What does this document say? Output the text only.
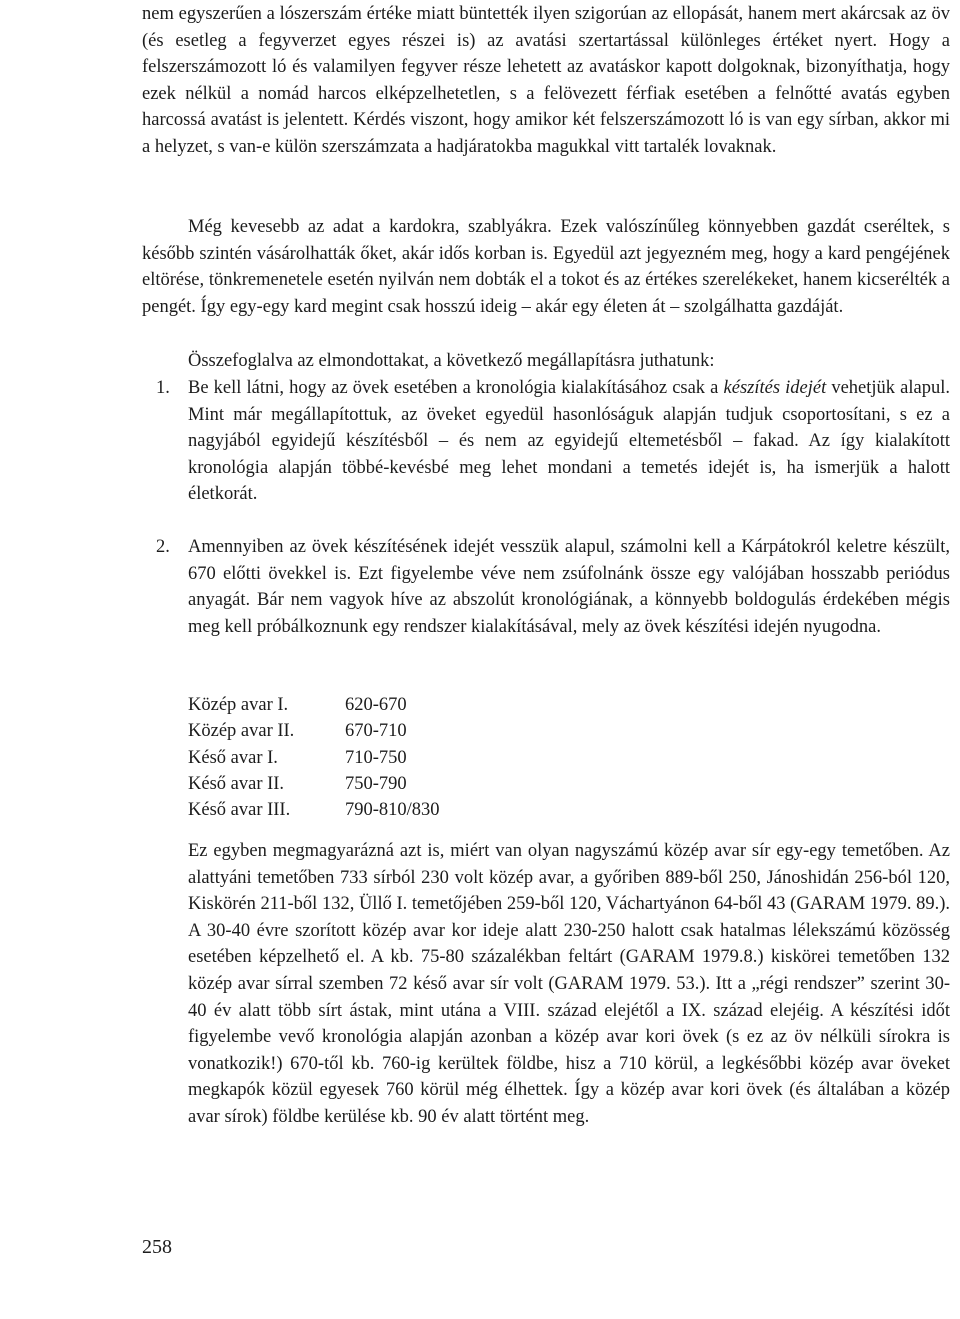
nem egyszerűen a lószerszám értéke miatt büntették ilyen szigorúan az ellopását, hanem mert akárcsak az öv (és esetleg a fegyverzet egyes részei is) az avatási szertartással különleges értéket nyert. Hogy a felszerszámozott ló és valamilyen fegyver része lehetett az avatáskor kapott dolgoknak, bizonyíthatja, hogy ezek nélkül a nomád harcos elképzelhetetlen, s a felövezett férfiak esetében a felnőtté avatás egyben harcossá avatást is jelentett. Kérdés viszont, hogy amikor két felszerszámozott ló is van egy sírban, akkor mi a helyzet, s van-e külön szerszámzata a hadjáratokba magukkal vitt tartalék lovaknak.

Még kevesebb az adat a kardokra, szablyákra. Ezek valószínűleg könnyebben gazdát cseréltek, s később szintén vásárolhatták őket, akár idős korban is. Egyedül azt jegyezném meg, hogy a kard pengéjének eltörése, tönkremenetele esetén nyilván nem dobták el a tokot és az értékes szerelékeket, hanem kicserélték a pengét. Így egy-egy kard megint csak hosszú ideig – akár egy életen át – szolgálhatta gazdáját.

Összefoglalva az elmondottakat, a következő megállapításra juthatunk:

1. Be kell látni, hogy az övek esetében a kronológia kialakításához csak a készítés idejét vehetjük alapul. Mint már megállapítottuk, az öveket egyedül hasonlóságuk alapján tudjuk csoportosítani, s ez a nagyjából egyidejű készítésből – és nem az egyidejű eltemetésből – fakad. Az így kialakított kronológia alapján többé-kevésbé meg lehet mondani a temetés idejét is, ha ismerjük a halott életkorát.

2. Amennyiben az övek készítésének idejét vesszük alapul, számolni kell a Kárpátokról keletre készült, 670 előtti övekkel is. Ezt figyelembe véve nem zsúfolnánk össze egy valójában hosszabb periódus anyagát. Bár nem vagyok híve az abszolút kronológiának, a könnyebb boldogulás érdekében mégis meg kell próbálkoznunk egy rendszer kialakításával, mely az övek készítési idején nyugodna.

Közép avar I.	620-670
Közép avar II.	670-710
Késő avar I.	710-750
Késő avar II.	750-790
Késő avar III.	790-810/830

Ez egyben megmagyarázná azt is, miért van olyan nagyszámú közép avar sír egy-egy temetőben. Az alattyáni temetőben 733 sírból 230 volt közép avar, a győriben 889-ből 250, Jánoshidán 256-ból 120, Kiskörén 211-ből 132, Üllő I. temetőjében 259-ből 120, Váchartyánon 64-ből 43 (GARAM 1979. 89.). A 30-40 évre szorított közép avar kor ideje alatt 230-250 halott csak hatalmas lélekszámú közösség esetében képzelhető el. A kb. 75-80 százalékban feltárt (GARAM 1979.8.) kiskörei temetőben 132 közép avar sírral szemben 72 késő avar sír volt (GARAM 1979. 53.). Itt a „régi rendszer” szerint 30-40 év alatt több sírt ástak, mint utána a VIII. század elejétől a IX. század elejéig. A készítési időt figyelembe vevő kronológia alapján azonban a közép avar kori övek (s ez az öv nélküli sírokra is vonatkozik!) 670-től kb. 760-ig kerültek földbe, hisz a 710 körül, a legkésőbbi közép avar öveket megkapók közül egyesek 760 körül még élhettek. Így a közép avar kori övek (és általában a közép avar sírok) földbe kerülése kb. 90 év alatt történt meg.

258
